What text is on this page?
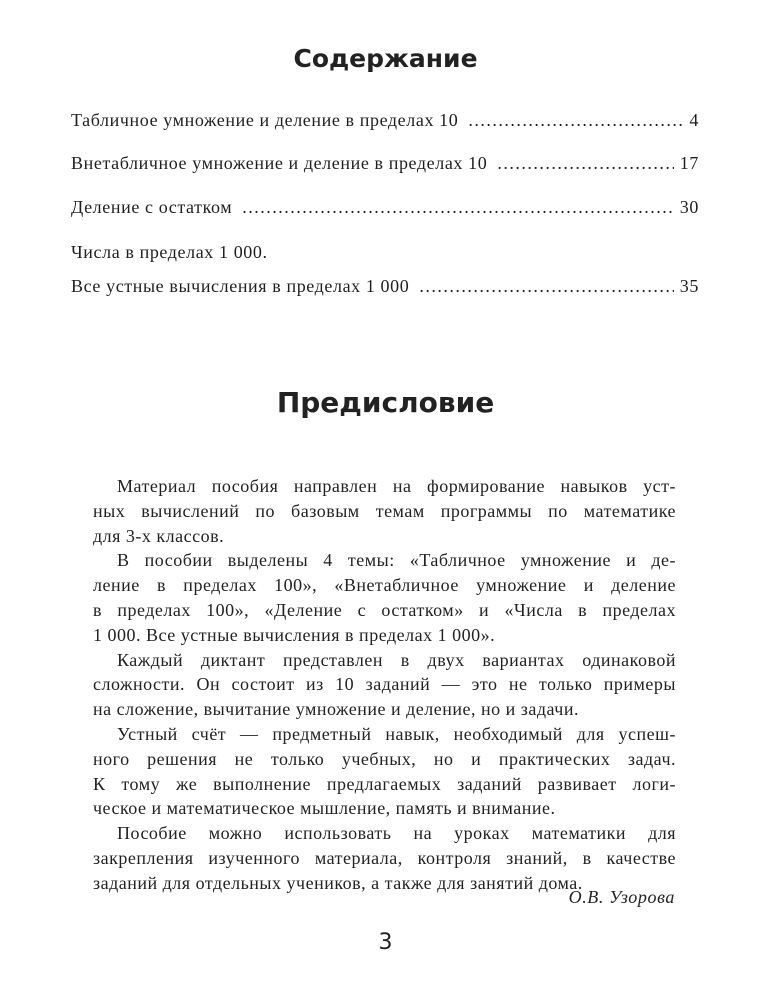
Содержание
Табличное умножение и деление в пределах 10 .....	4
Внетабличное умножение и деление в пределах 10 .....	17
Деление с остатком .....	30
Числа в пределах 1 000.
Все устные вычисления в пределах 1 000 .....	35
Предисловие
Материал пособия направлен на формирование навыков уст-
ных вычислений по базовым темам программы по математике
для 3-х классов.
В пособии выделены 4 темы: «Табличное умножение и де-
ление в пределах 100», «Внетабличное умножение и деление
в пределах 100», «Деление с остатком» и «Числа в пределах
1 000. Все устные вычисления в пределах 1 000».
Каждый диктант представлен в двух вариантах одинаковой
сложности. Он состоит из 10 заданий — это не только примеры
на сложение, вычитание умножение и деление, но и задачи.
Устный счёт — предметный навык, необходимый для успеш-
ного решения не только учебных, но и практических задач.
К тому же выполнение предлагаемых заданий развивает логи-
ческое и математическое мышление, память и внимание.
Пособие можно использовать на уроках математики для
закрепления изученного материала, контроля знаний, в качестве
заданий для отдельных учеников, а также для занятий дома.
О.В. Узорова
3
